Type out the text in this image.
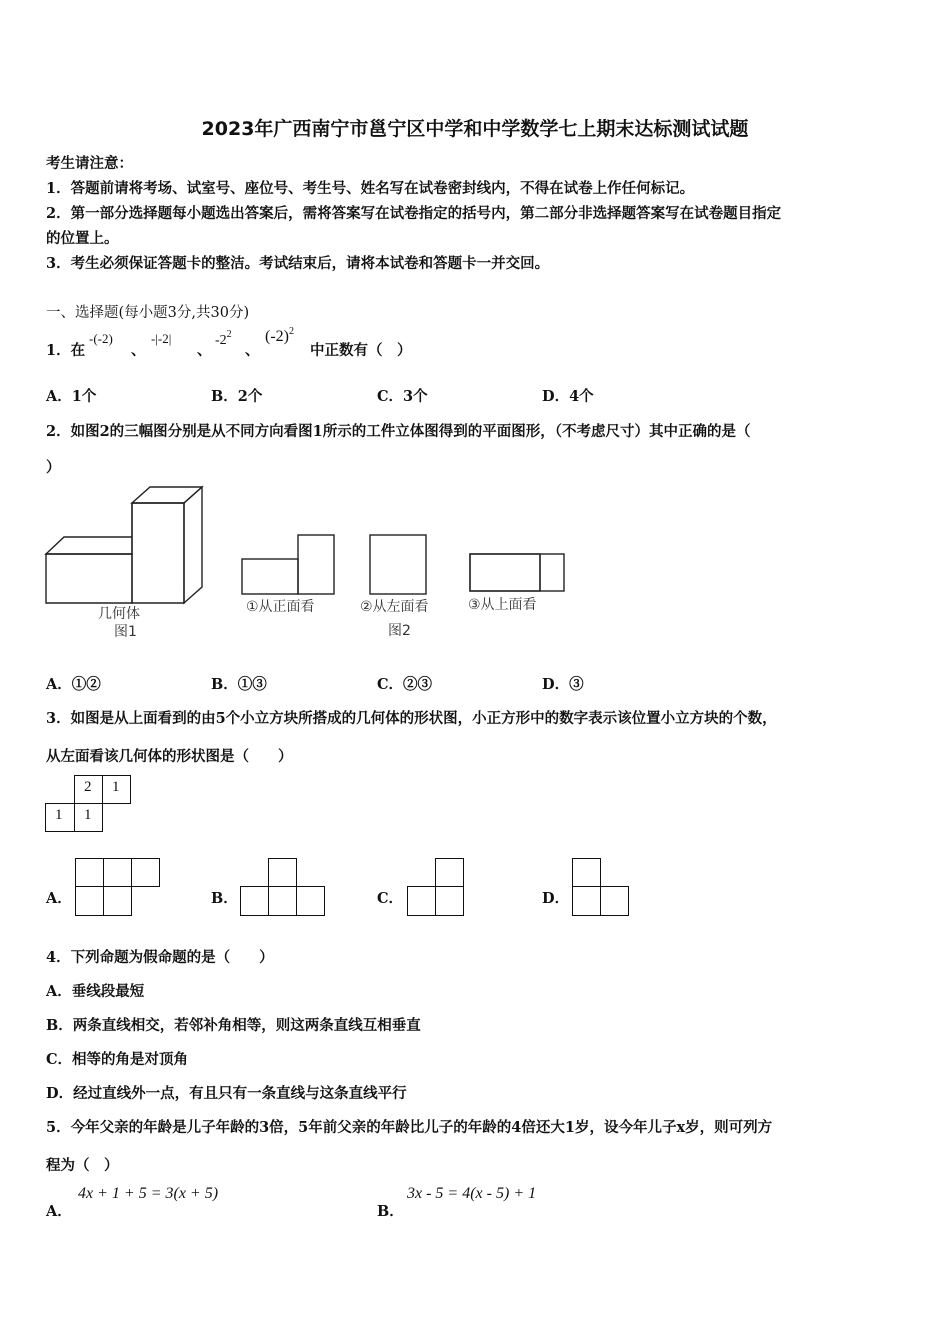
2023年广西南宁市邕宁区中学和中学数学七上期末达标测试试题
考生请注意：
1．答题前请将考场、试室号、座位号、考生号、姓名写在试卷密封线内，不得在试卷上作任何标记。
2．第一部分选择题每小题选出答案后，需将答案写在试卷指定的括号内，第二部分非选择题答案写在试卷题目指定
的位置上。
3．考生必须保证答题卡的整洁。考试结束后，请将本试卷和答题卡一并交回。
一、选择题(每小题3分,共30分)
1．在
-(-2)
、
-|-2|
、
$-2^2$
、
$(-2)^2$
中正数有（　）
A．1个	B．2个	C．3个	D．4个
2．如图2的三幅图分别是从不同方向看图1所示的工件立体图得到的平面图形，（不考虑尺寸）其中正确的是（
）
几何体
图1
①从正面看	②从左面看	③从上面看
图2
A．①②	B．①③	C．②③	D．③
3．如图是从上面看到的由5个小立方块所搭成的几何体的形状图，小正方形中的数字表示该位置小立方块的个数，
从左面看该几何体的形状图是（　　）
2 1
1 1
A．	B．	C．	D．
4．下列命题为假命题的是（　　）
A．垂线段最短
B．两条直线相交，若邻补角相等，则这两条直线互相垂直
C．相等的角是对顶角
D．经过直线外一点，有且只有一条直线与这条直线平行
5．今年父亲的年龄是儿子年龄的3倍，5年前父亲的年龄比儿子的年龄的4倍还大1岁，设今年儿子x岁，则可列方
程为（　）
A．
4x + 1 + 5 = 3(x + 5)
B．
3x - 5 = 4(x - 5) + 1
